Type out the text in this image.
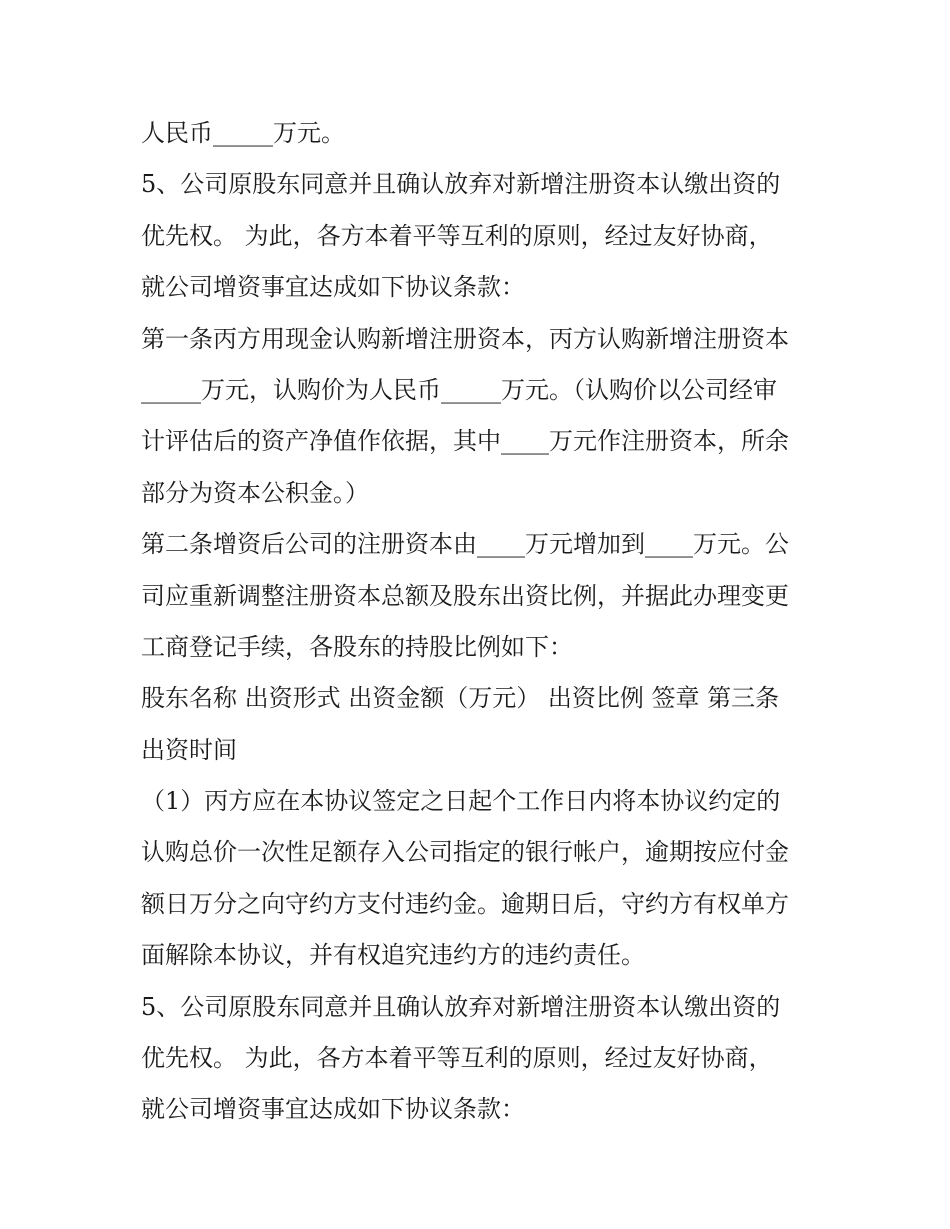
人民币_____万元。
5、公司原股东同意并且确认放弃对新增注册资本认缴出资的
优先权。 为此，各方本着平等互利的原则，经过友好协商，
就公司增资事宜达成如下协议条款：
第一条丙方用现金认购新增注册资本，丙方认购新增注册资本
_____万元，认购价为人民币_____万元。（认购价以公司经审
计评估后的资产净值作依据，其中____万元作注册资本，所余
部分为资本公积金。）
第二条增资后公司的注册资本由____万元增加到____万元。公
司应重新调整注册资本总额及股东出资比例，并据此办理变更
工商登记手续，各股东的持股比例如下：
股东名称 出资形式 出资金额（万元） 出资比例 签章 第三条
出资时间
（1）丙方应在本协议签定之日起个工作日内将本协议约定的
认购总价一次性足额存入公司指定的银行帐户，逾期按应付金
额日万分之向守约方支付违约金。逾期日后，守约方有权单方
面解除本协议，并有权追究违约方的违约责任。
5、公司原股东同意并且确认放弃对新增注册资本认缴出资的
优先权。 为此，各方本着平等互利的原则，经过友好协商，
就公司增资事宜达成如下协议条款：
